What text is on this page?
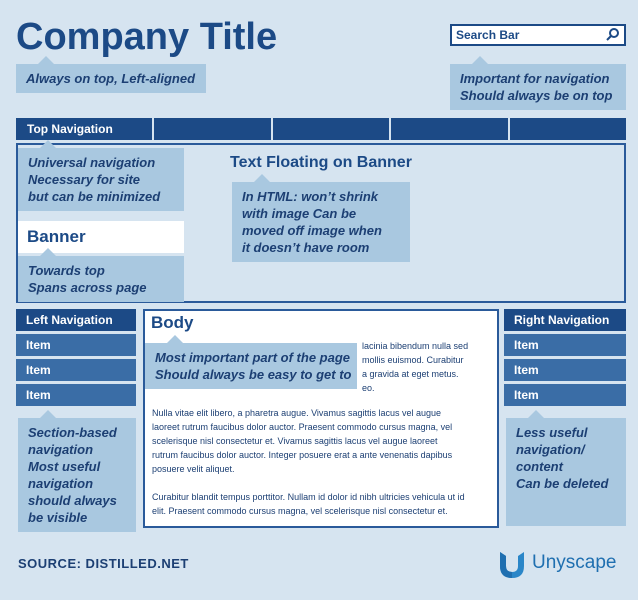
Company Title
Always on top, Left-aligned
Search Bar
Important for navigation
Should always be on top
Top Navigation
Universal navigation
Necessary for site
but can be minimized
Banner
Towards top
Spans across page
Text Floating on Banner
In HTML: won’t shrink
with image Can be
moved off image when
it doesn’t have room
Left Navigation
Item
Item
Item
Section-based
navigation
Most useful
navigation
should always
be visible
Body
lacinia bibendum nulla sed
mollis euismod. Curabitur
a gravida at eget metus.
eo.
Most important part of the page
Should always be easy to get to
Nulla vitae elit libero, a pharetra augue. Vivamus sagittis lacus vel augue
laoreet rutrum faucibus dolor auctor. Praesent commodo cursus magna, vel
scelerisque nisl consectetur et. Vivamus sagittis lacus vel augue laoreet
rutrum faucibus dolor auctor. Integer posuere erat a ante venenatis dapibus
posuere velit aliquet.
Curabitur blandit tempus porttitor. Nullam id dolor id nibh ultricies vehicula ut id
elit. Praesent commodo cursus magna, vel scelerisque nisl consectetur et.
Right Navigation
Item
Item
Item
Less useful
navigation/
content
Can be deleted
SOURCE: DISTILLED.NET	Unyscape
